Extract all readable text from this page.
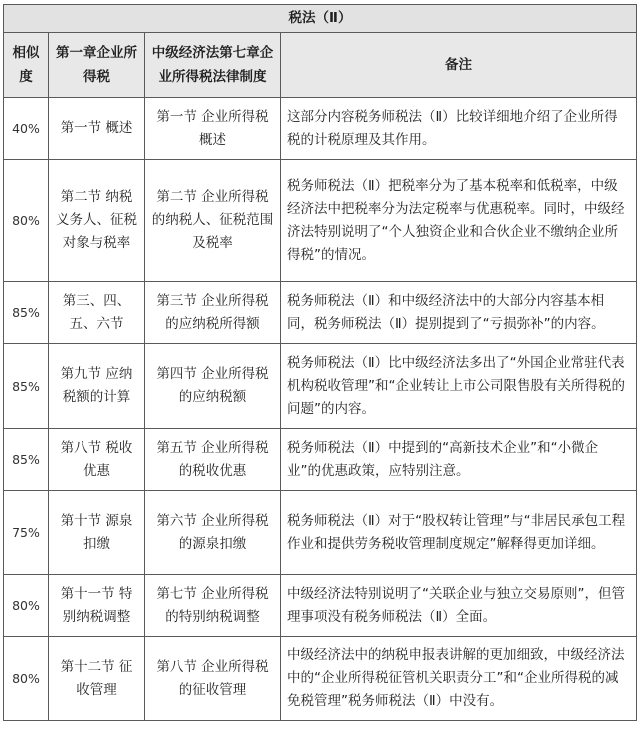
税法（Ⅱ）			
相似度	第一章企业所得税	中级经济法第七章企业所得税法律制度	备注
40%	第一节 概述	第一节 企业所得税概述	这部分内容税务师税法（Ⅱ）比较详细地介绍了企业所得税的计税原理及其作用。
80%	第二节 纳税义务人、征税对象与税率	第二节 企业所得税的纳税人、征税范围及税率	税务师税法（Ⅱ）把税率分为了基本税率和低税率，中级经济法中把税率分为法定税率与优惠税率。同时，中级经济法特别说明了“个人独资企业和合伙企业不缴纳企业所得税”的情况。
85%	第三、四、五、六节	第三节 企业所得税的应纳税所得额	税务师税法（Ⅱ）和中级经济法中的大部分内容基本相同，税务师税法（Ⅱ）提别提到了“亏损弥补”的内容。
85%	第九节 应纳税额的计算	第四节 企业所得税的应纳税额	税务师税法（Ⅱ）比中级经济法多出了“外国企业常驻代表机构税收管理”和“企业转让上市公司限售股有关所得税的问题”的内容。
85%	第八节 税收优惠	第五节 企业所得税的税收优惠	税务师税法（Ⅱ）中提到的“高新技术企业”和“小微企业”的优惠政策，应特别注意。
75%	第十节 源泉扣缴	第六节 企业所得税的源泉扣缴	税务师税法（Ⅱ）对于“股权转让管理”与“非居民承包工程作业和提供劳务税收管理制度规定”解释得更加详细。
80%	第十一节 特别纳税调整	第七节 企业所得税的特别纳税调整	中级经济法特别说明了“关联企业与独立交易原则”，但管理事项没有税务师税法（Ⅱ）全面。
80%	第十二节 征收管理	第八节 企业所得税的征收管理	中级经济法中的纳税申报表讲解的更加细致，中级经济法中的“企业所得税征管机关职责分工”和“企业所得税的减免税管理”税务师税法（Ⅱ）中没有。
